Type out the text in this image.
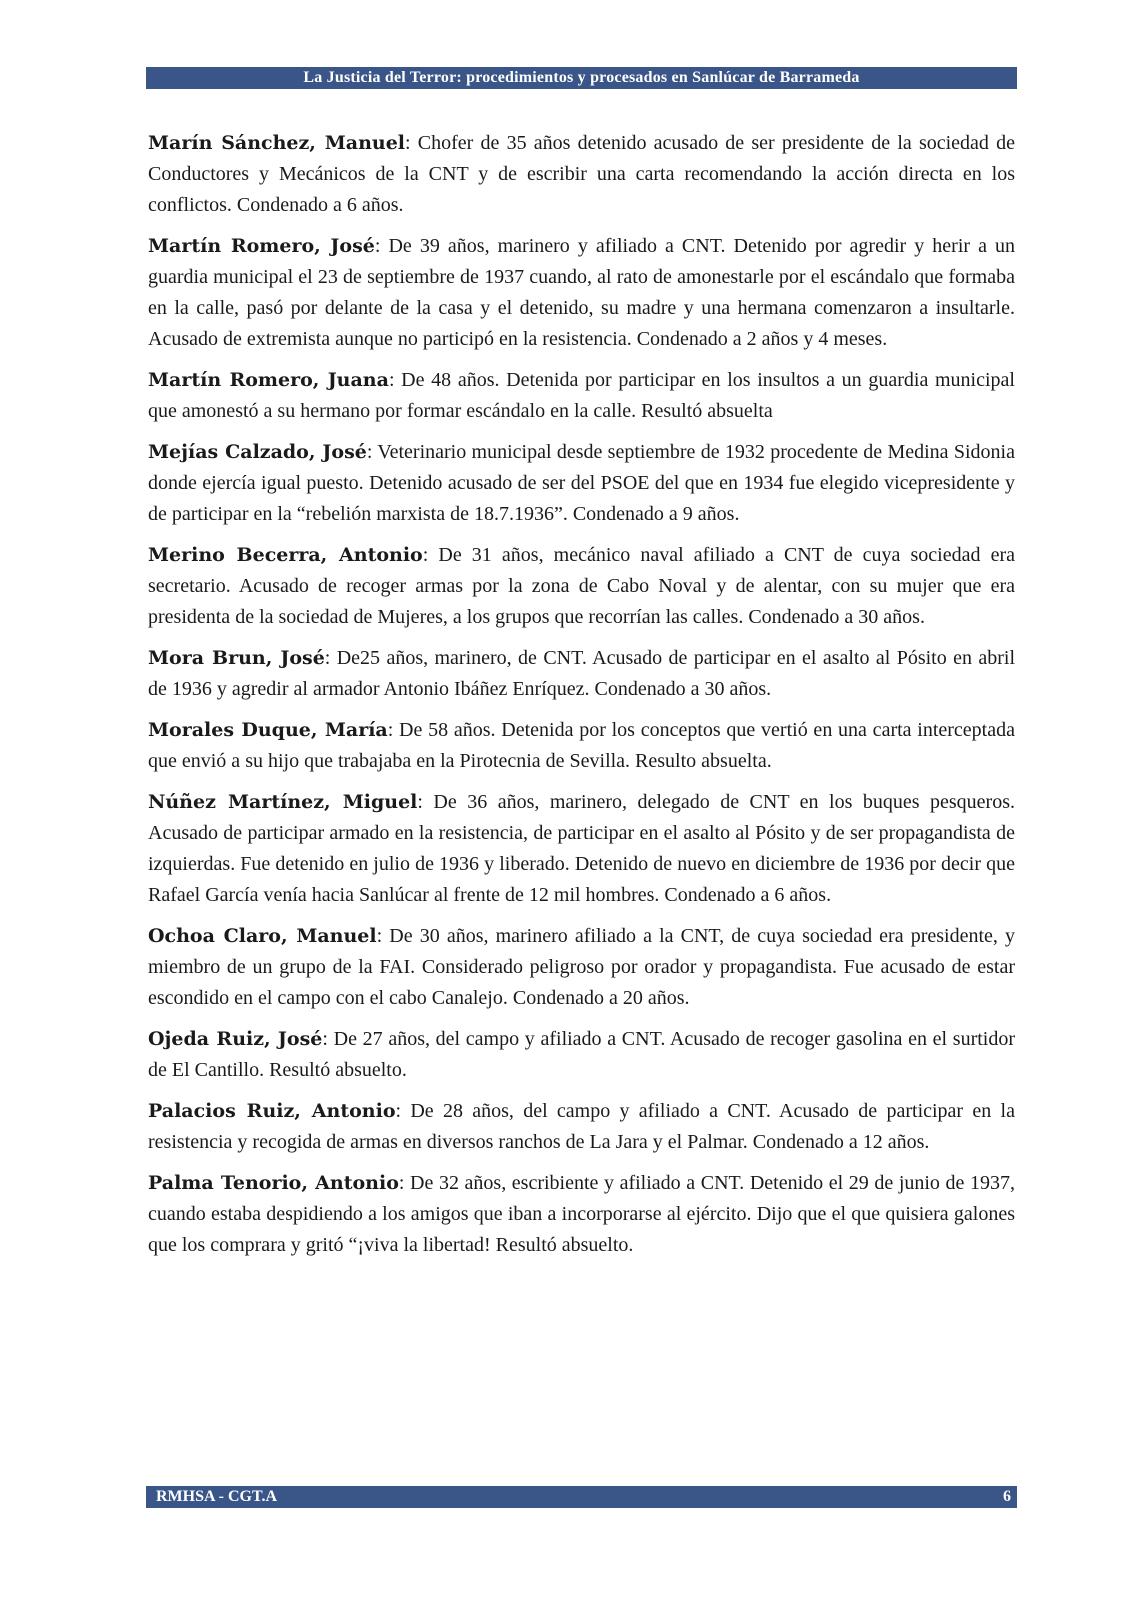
La Justicia del Terror: procedimientos y procesados en Sanlúcar de Barrameda

Marín Sánchez, Manuel: Chofer de 35 años detenido acusado de ser presidente de la sociedad de Conductores y Mecánicos de la CNT y de escribir una carta recomendando la acción directa en los conflictos. Condenado a 6 años.

Martín Romero, José: De 39 años, marinero y afiliado a CNT. Detenido por agredir y herir a un guardia municipal el 23 de septiembre de 1937 cuando, al rato de amonestarle por el escándalo que formaba en la calle, pasó por delante de la casa y el detenido, su madre y una hermana comenzaron a insultarle. Acusado de extremista aunque no participó en la resistencia. Condenado a 2 años y 4 meses.

Martín Romero, Juana: De 48 años. Detenida por participar en los insultos a un guardia municipal que amonestó a su hermano por formar escándalo en la calle. Resultó absuelta

Mejías Calzado, José: Veterinario municipal desde septiembre de 1932 procedente de Medina Sidonia donde ejercía igual puesto. Detenido acusado de ser del PSOE del que en 1934 fue elegido vicepresidente y de participar en la “rebelión marxista de 18.7.1936”. Condenado a 9 años.

Merino Becerra, Antonio: De 31 años, mecánico naval afiliado a CNT de cuya sociedad era secretario. Acusado de recoger armas por la zona de Cabo Noval y de alentar, con su mujer que era presidenta de la sociedad de Mujeres, a los grupos que recorrían las calles. Condenado a 30 años.

Mora Brun, José: De25 años, marinero, de CNT. Acusado de participar en el asalto al Pósito en abril de 1936 y agredir al armador Antonio Ibáñez Enríquez. Condenado a 30 años.

Morales Duque, María: De 58 años. Detenida por los conceptos que vertió en una carta interceptada que envió a su hijo que trabajaba en la Pirotecnia de Sevilla. Resulto absuelta.

Núñez Martínez, Miguel: De 36 años, marinero, delegado de CNT en los buques pesqueros. Acusado de participar armado en la resistencia, de participar en el asalto al Pósito y de ser propagandista de izquierdas. Fue detenido en julio de 1936 y liberado. Detenido de nuevo en diciembre de 1936 por decir que Rafael García venía hacia Sanlúcar al frente de 12 mil hombres. Condenado a 6 años.

Ochoa Claro, Manuel: De 30 años, marinero afiliado a la CNT, de cuya sociedad era presidente, y miembro de un grupo de la FAI. Considerado peligroso por orador y propagandista. Fue acusado de estar escondido en el campo con el cabo Canalejo. Condenado a 20 años.

Ojeda Ruiz, José: De 27 años, del campo y afiliado a CNT. Acusado de recoger gasolina en el surtidor de El Cantillo. Resultó absuelto.

Palacios Ruiz, Antonio: De 28 años, del campo y afiliado a CNT. Acusado de participar en la resistencia y recogida de armas en diversos ranchos de La Jara y el Palmar. Condenado a 12 años.

Palma Tenorio, Antonio: De 32 años, escribiente y afiliado a CNT. Detenido el 29 de junio de 1937, cuando estaba despidiendo a los amigos que iban a incorporarse al ejército. Dijo que el que quisiera galones que los comprara y gritó “¡viva la libertad! Resultó absuelto.

RMHSA - CGT.A	6
